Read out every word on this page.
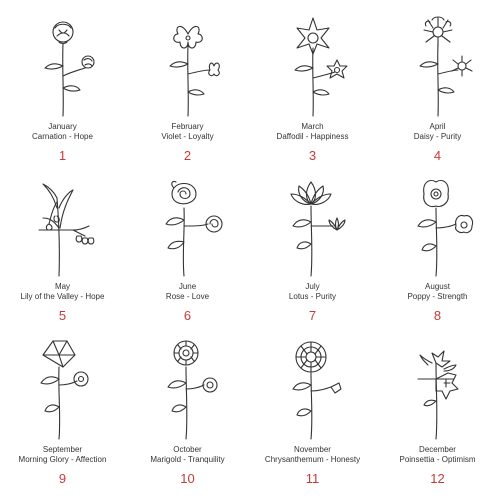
January
Carnation - Hope
1
February
Violet - Loyalty
2
March
Daffodil - Happiness
3
April
Daisy - Purity
4
May
Lily of the Valley - Hope
5
June
Rose - Love
6
July
Lotus - Purity
7
August
Poppy - Strength
8
September
Morning Glory - Affection
9
October
Marigold - Tranquility
10
November
Chrysanthemum - Honesty
11
December
Poinsettia - Optimism
12
